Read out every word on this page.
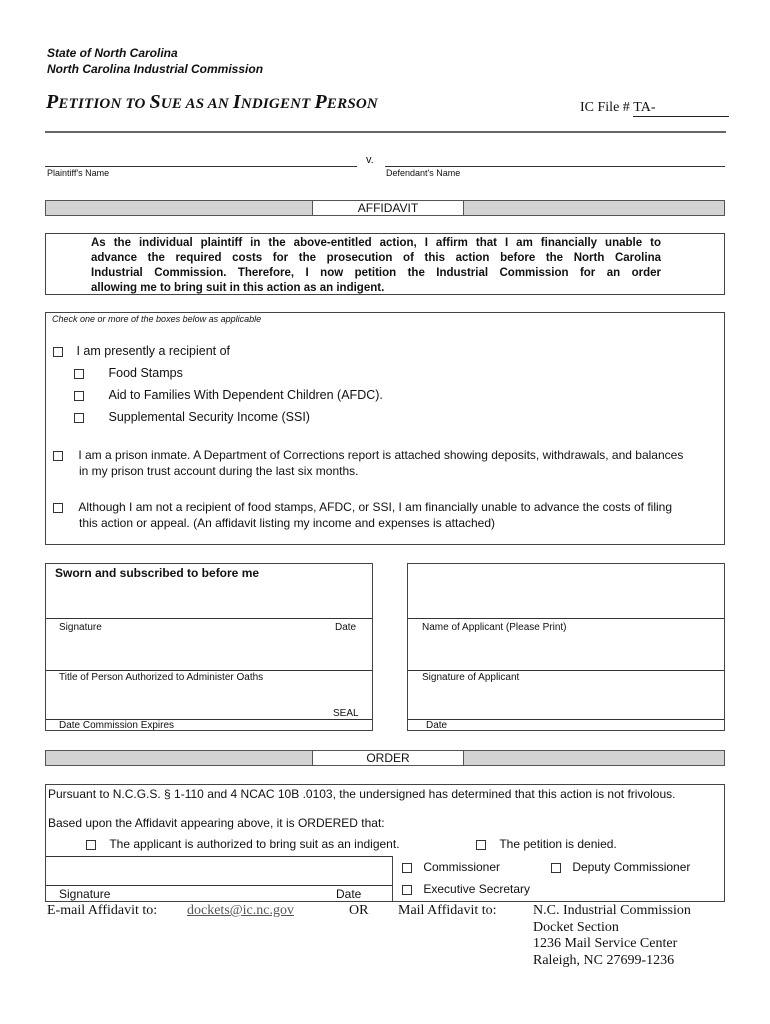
State of North Carolina
North Carolina Industrial Commission
PETITION TO SUE AS AN INDIGENT PERSON	IC File # TA-
v.
Plaintiff's Name	Defendant's Name
AFFIDAVIT
As the individual plaintiff in the above-entitled action, I affirm that I am financially unable to
advance the required costs for the prosecution of this action before the North Carolina
Industrial Commission. Therefore, I now petition the Industrial Commission for an order
allowing me to bring suit in this action as an indigent.
Check one or more of the boxes below as applicable
I am presently a recipient of
Food Stamps
Aid to Families With Dependent Children (AFDC).
Supplemental Security Income (SSI)
I am a prison inmate. A Department of Corrections report is attached showing deposits, withdrawals, and balances
in my prison trust account during the last six months.
Although I am not a recipient of food stamps, AFDC, or SSI, I am financially unable to advance the costs of filing
this action or appeal. (An affidavit listing my income and expenses is attached)
Sworn and subscribed to before me
Signature	Date
Title of Person Authorized to Administer Oaths
SEAL
Date Commission Expires
Name of Applicant (Please Print)
Signature of Applicant
Date
ORDER
Pursuant to N.C.G.S. § 1-110 and 4 NCAC 10B .0103, the undersigned has determined that this action is not frivolous.
Based upon the Affidavit appearing above, it is ORDERED that:
The applicant is authorized to bring suit as an indigent.	The petition is denied.
Commissioner	Deputy Commissioner
Executive Secretary
Signature	Date
E-mail Affidavit to: dockets@ic.nc.gov	OR Mail Affidavit to:	N.C. Industrial Commission
Docket Section
1236 Mail Service Center
Raleigh, NC 27699-1236
